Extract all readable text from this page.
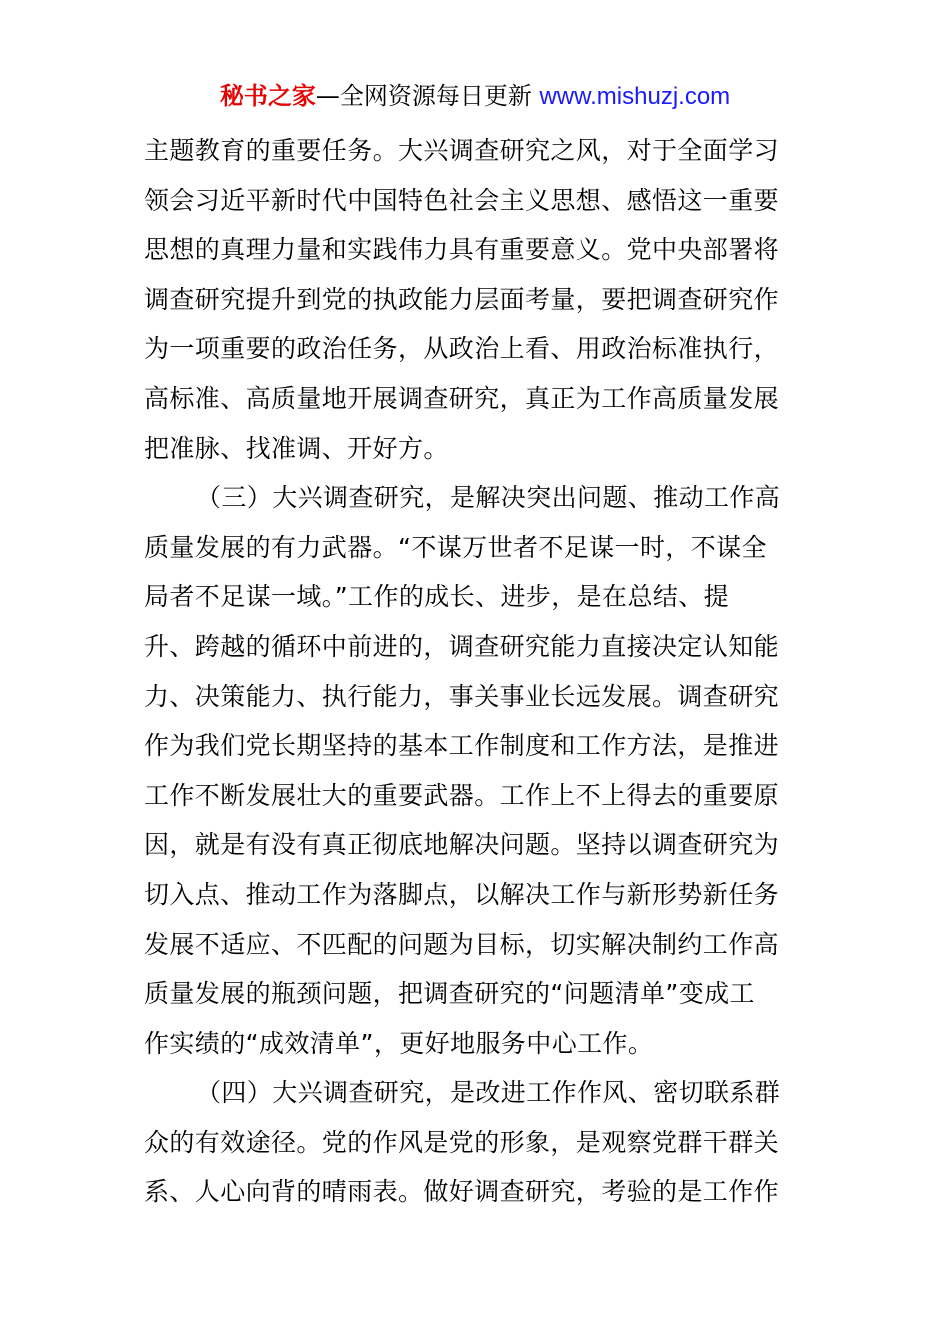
秘书之家—全网资源每日更新 www.mishuzj.com
主题教育的重要任务。大兴调查研究之风，对于全面学习
领会习近平新时代中国特色社会主义思想、感悟这一重要
思想的真理力量和实践伟力具有重要意义。党中央部署将
调查研究提升到党的执政能力层面考量，要把调查研究作
为一项重要的政治任务，从政治上看、用政治标准执行，
高标准、高质量地开展调查研究，真正为工作高质量发展
把准脉、找准调、开好方。
（三）大兴调查研究，是解决突出问题、推动工作高
质量发展的有力武器。“不谋万世者不足谋一时，不谋全
局者不足谋一域。”工作的成长、进步，是在总结、提
升、跨越的循环中前进的，调查研究能力直接决定认知能
力、决策能力、执行能力，事关事业长远发展。调查研究
作为我们党长期坚持的基本工作制度和工作方法，是推进
工作不断发展壮大的重要武器。工作上不上得去的重要原
因，就是有没有真正彻底地解决问题。坚持以调查研究为
切入点、推动工作为落脚点，以解决工作与新形势新任务
发展不适应、不匹配的问题为目标，切实解决制约工作高
质量发展的瓶颈问题，把调查研究的“问题清单”变成工
作实绩的“成效清单”，更好地服务中心工作。
（四）大兴调查研究，是改进工作作风、密切联系群
众的有效途径。党的作风是党的形象，是观察党群干群关
系、人心向背的晴雨表。做好调查研究，考验的是工作作
